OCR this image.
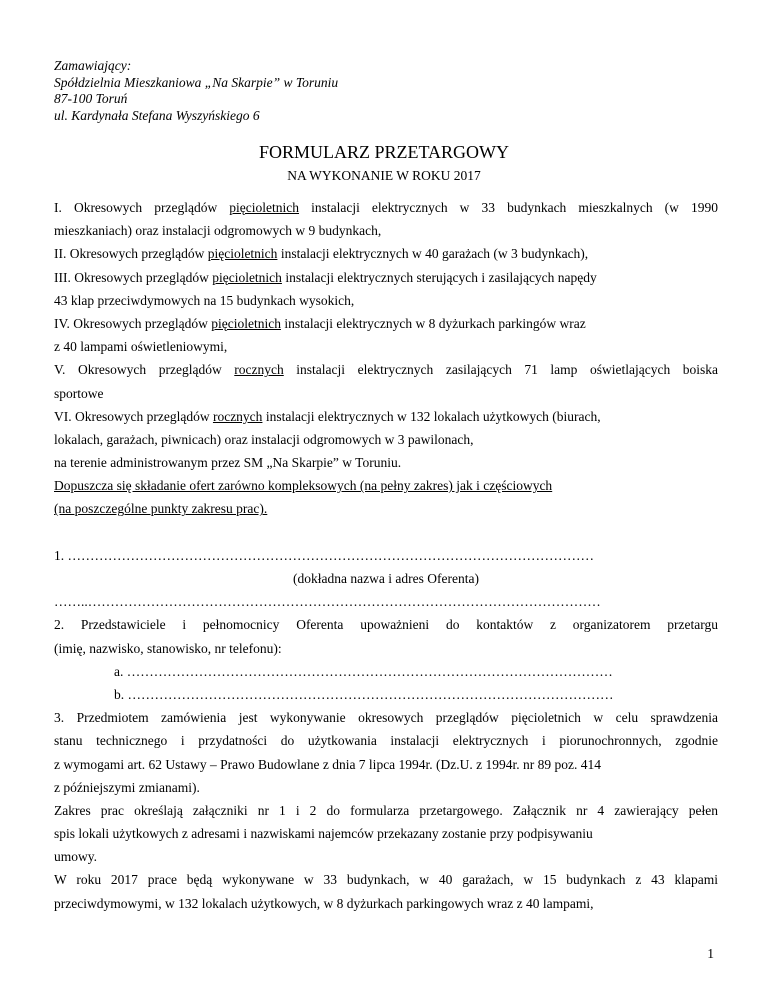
Zamawiający:
Spółdzielnia Mieszkaniowa „Na Skarpie” w Toruniu
87-100 Toruń
ul. Kardynała Stefana Wyszyńskiego 6
FORMULARZ PRZETARGOWY
NA WYKONANIE W ROKU 2017

I. Okresowych przeglądów pięcioletnich instalacji elektrycznych w 33 budynkach mieszkalnych (w 1990

mieszkaniach) oraz instalacji odgromowych w 9 budynkach,

II. Okresowych przeglądów pięcioletnich instalacji elektrycznych w 40 garażach (w 3 budynkach),

III. Okresowych przeglądów pięcioletnich instalacji elektrycznych sterujących i zasilających napędy

43 klap przeciwdymowych na 15 budynkach wysokich,

IV. Okresowych przeglądów pięcioletnich instalacji elektrycznych w 8 dyżurkach parkingów wraz

z 40 lampami oświetleniowymi,

V. Okresowych przeglądów rocznych instalacji elektrycznych zasilających 71 lamp oświetlających boiska

sportowe

VI. Okresowych przeglądów rocznych instalacji elektrycznych w 132 lokalach użytkowych (biurach,

lokalach, garażach, piwnicach) oraz instalacji odgromowych w 3 pawilonach,

na terenie administrowanym przez SM „Na Skarpie” w Toruniu.

Dopuszcza się składanie ofert zarówno kompleksowych (na pełny zakres) jak i częściowych

(na poszczególne punkty zakresu prac).

1. ………………………………………………………………………………………………………

(dokładna nazwa i adres Oferenta)

……..……………………………………………………………………………………………………

2. Przedstawiciele i pełnomocnicy Oferenta upoważnieni do kontaktów z organizatorem przetargu

(imię, nazwisko, stanowisko, nr telefonu):

a. ………………………………………………………………………………………………

b. ………………………………………………………………………………………………

3. Przedmiotem zamówienia jest wykonywanie okresowych przeglądów pięcioletnich w celu sprawdzenia

stanu technicznego i przydatności do użytkowania instalacji elektrycznych i piorunochronnych, zgodnie

z wymogami art. 62 Ustawy – Prawo Budowlane z dnia 7 lipca 1994r. (Dz.U. z 1994r. nr 89 poz. 414

z późniejszymi zmianami).

Zakres prac określają załączniki nr 1 i 2 do formularza przetargowego. Załącznik nr 4 zawierający pełen

spis lokali użytkowych z adresami i nazwiskami najemców przekazany zostanie przy podpisywaniu

umowy.

W roku 2017 prace będą wykonywane w 33 budynkach, w 40 garażach, w 15 budynkach z 43 klapami

przeciwdymowymi, w 132 lokalach użytkowych, w 8 dyżurkach parkingowych wraz z 40 lampami,

1
